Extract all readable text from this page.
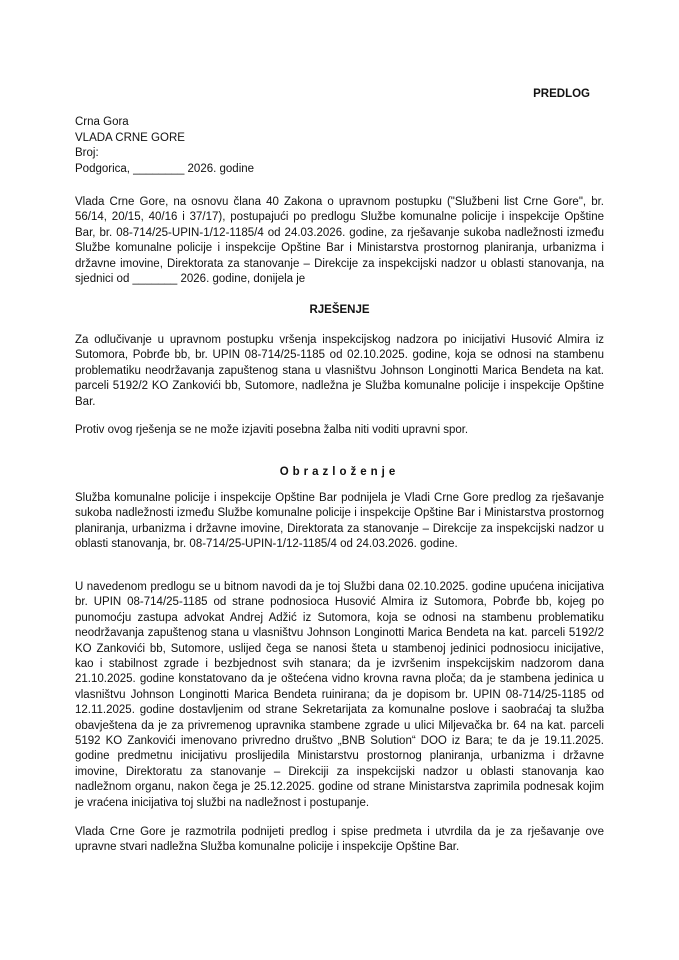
PREDLOG
Crna Gora
VLADA CRNE GORE
Broj:
Podgorica, ________ 2026. godine

Vlada Crne Gore, na osnovu člana 40 Zakona o upravnom postupku ("Službeni list Crne Gore", br. 56/14, 20/15, 40/16 i 37/17), postupajući po predlogu Službe komunalne policije i inspekcije Opštine Bar, br. 08-714/25-UPIN-1/12-1185/4 od 24.03.2026. godine, za rješavanje sukoba nadležnosti između Službe komunalne policije i inspekcije Opštine Bar i Ministarstva prostornog planiranja, urbanizma i državne imovine, Direktorata za stanovanje – Direkcije za inspekcijski nadzor u oblasti stanovanja, na sjednici od _______ 2026. godine, donijela je

RJEŠENJE

Za odlučivanje u upravnom postupku vršenja inspekcijskog nadzora po inicijativi Husović Almira iz Sutomora, Pobrđe bb, br. UPIN 08-714/25-1185 od 02.10.2025. godine, koja se odnosi na stambenu problematiku neodržavanja zapuštenog stana u vlasništvu Johnson Longinotti Marica Bendeta na kat. parceli 5192/2 KO Zankovići bb, Sutomore, nadležna je Služba komunalne policije i inspekcije Opštine Bar.

Protiv ovog rješenja se ne može izjaviti posebna žalba niti voditi upravni spor.

Obrazloženje

Služba komunalne policije i inspekcije Opštine Bar podnijela je Vladi Crne Gore predlog za rješavanje sukoba nadležnosti između Službe komunalne policije i inspekcije Opštine Bar i Ministarstva prostornog planiranja, urbanizma i državne imovine, Direktorata za stanovanje – Direkcije za inspekcijski nadzor u oblasti stanovanja, br. 08-714/25-UPIN-1/12-1185/4 od 24.03.2026. godine.

U navedenom predlogu se u bitnom navodi da je toj Službi dana 02.10.2025. godine upućena inicijativa br. UPIN 08-714/25-1185 od strane podnosioca Husović Almira iz Sutomora, Pobrđe bb, kojeg po punomoćju zastupa advokat Andrej Adžić iz Sutomora, koja se odnosi na stambenu problematiku neodržavanja zapuštenog stana u vlasništvu Johnson Longinotti Marica Bendeta na kat. parceli 5192/2 KO Zankovići bb, Sutomore, uslijed čega se nanosi šteta u stambenoj jedinici podnosiocu inicijative, kao i stabilnost zgrade i bezbjednost svih stanara; da je izvršenim inspekcijskim nadzorom dana 21.10.2025. godine konstatovano da je oštećena vidno krovna ravna ploča; da je stambena jedinica u vlasništvu Johnson Longinotti Marica Bendeta ruinirana; da je dopisom br. UPIN 08-714/25-1185 od 12.11.2025. godine dostavljenim od strane Sekretarijata za komunalne poslove i saobraćaj ta služba obavještena da je za privremenog upravnika stambene zgrade u ulici Miljevačka br. 64 na kat. parceli 5192 KO Zankovići imenovano privredno društvo „BNB Solution“ DOO iz Bara; te da je 19.11.2025. godine predmetnu inicijativu proslijedila Ministarstvu prostornog planiranja, urbanizma i državne imovine, Direktoratu za stanovanje – Direkciji za inspekcijski nadzor u oblasti stanovanja kao nadležnom organu, nakon čega je 25.12.2025. godine od strane Ministarstva zaprimila podnesak kojim je vraćena inicijativa toj službi na nadležnost i postupanje.

Vlada Crne Gore je razmotrila podnijeti predlog i spise predmeta i utvrdila da je za rješavanje ove upravne stvari nadležna Služba komunalne policije i inspekcije Opštine Bar.
